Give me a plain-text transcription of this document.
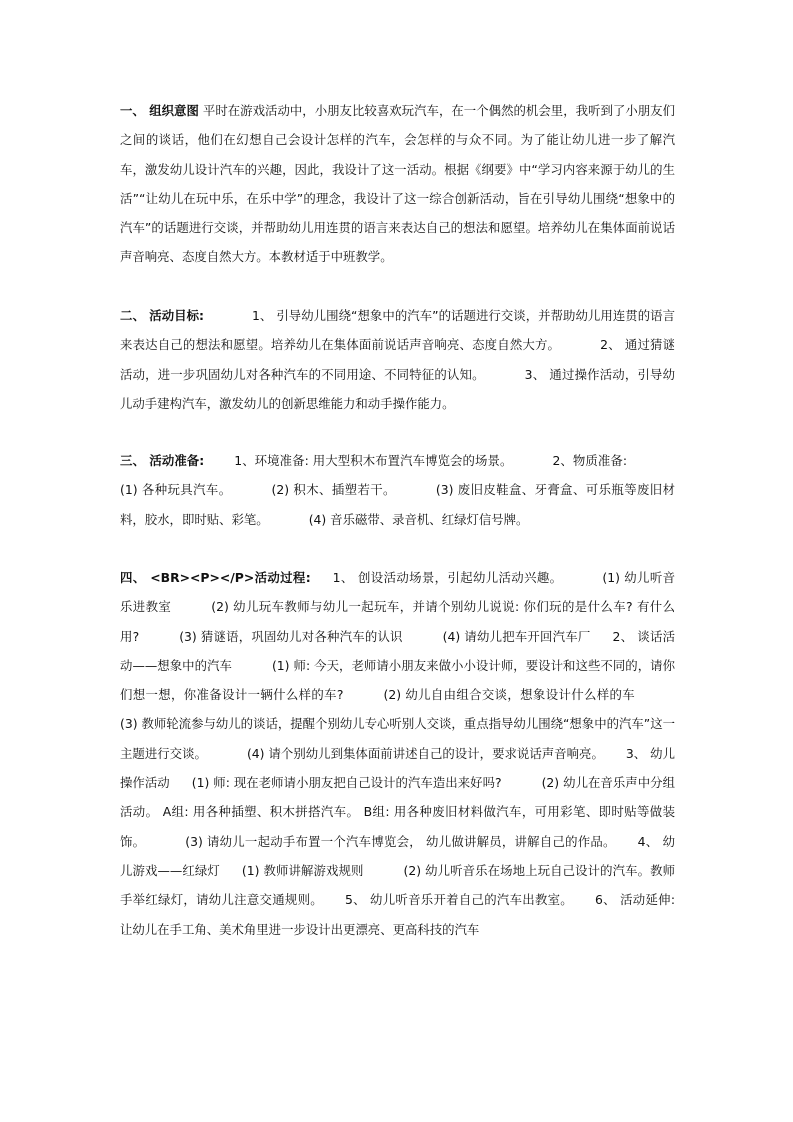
一、 组织意图 平时在游戏活动中，小朋友比较喜欢玩汽车，在一个偶然的机会里，我听到了小朋友们之间的谈话，他们在幻想自己会设计怎样的汽车，会怎样的与众不同。为了能让幼儿进一步了解汽车，激发幼儿设计汽车的兴趣，因此，我设计了这一活动。根据《纲要》中“学习内容来源于幼儿的生活”“让幼儿在玩中乐，在乐中学”的理念，我设计了这一综合创新活动，旨在引导幼儿围绕“想象中的汽车”的话题进行交谈，并帮助幼儿用连贯的语言来表达自己的想法和愿望。培养幼儿在集体面前说话声音响亮、态度自然大方。本教材适于中班教学。
二、 活动目标:	1、 引导幼儿围绕“想象中的汽车”的话题进行交谈，并帮助幼儿用连贯的语言来表达自己的想法和愿望。培养幼儿在集体面前说话声音响亮、态度自然大方。	2、 通过猜谜活动，进一步巩固幼儿对各种汽车的不同用途、不同特征的认知。	3、 通过操作活动，引导幼儿动手建构汽车，激发幼儿的创新思维能力和动手操作能力。
三、 活动准备: 1、环境准备: 用大型积木布置汽车博览会的场景。	2、物质准备:(1) 各种玩具汽车。	(2) 积木、插塑若干。	(3) 废旧皮鞋盒、牙膏盒、可乐瓶等废旧材料，胶水，即时贴、彩笔。	(4) 音乐磁带、录音机、红绿灯信号牌。
四、 <BR><P></P>活动过程: 1、 创设活动场景，引起幼儿活动兴趣。	(1) 幼儿听音乐进教室	(2) 幼儿玩车教师与幼儿一起玩车，并请个别幼儿说说: 你们玩的是什么车? 有什么用?	(3) 猜谜语，巩固幼儿对各种汽车的认识	(4) 请幼儿把车开回汽车厂 2、 谈话活动——想象中的汽车	(1) 师: 今天，老师请小朋友来做小小设计师，要设计和这些不同的，请你们想一想，你准备设计一辆什么样的车?	(2) 幼儿自由组合交谈，想象设计什么样的车(3) 教师轮流参与幼儿的谈话，提醒个别幼儿专心听别人交谈，重点指导幼儿围绕“想象中的汽车”这一主题进行交谈。	(4) 请个别幼儿到集体面前讲述自己的设计，要求说话声音响亮。 3、 幼儿操作活动 (1) 师: 现在老师请小朋友把自己设计的汽车造出来好吗?	(2) 幼儿在音乐声中分组活动。 A组: 用各种插塑、积木拼搭汽车。 B组: 用各种废旧材料做汽车，可用彩笔、即时贴等做装饰。	(3) 请幼儿一起动手布置一个汽车博览会， 幼儿做讲解员，讲解自己的作品。 4、 幼儿游戏——红绿灯 (1) 教师讲解游戏规则	(2) 幼儿听音乐在场地上玩自己设计的汽车。教师手举红绿灯，请幼儿注意交通规则。 5、 幼儿听音乐开着自己的汽车出教室。 6、 活动延伸: 让幼儿在手工角、美术角里进一步设计出更漂亮、更高科技的汽车
